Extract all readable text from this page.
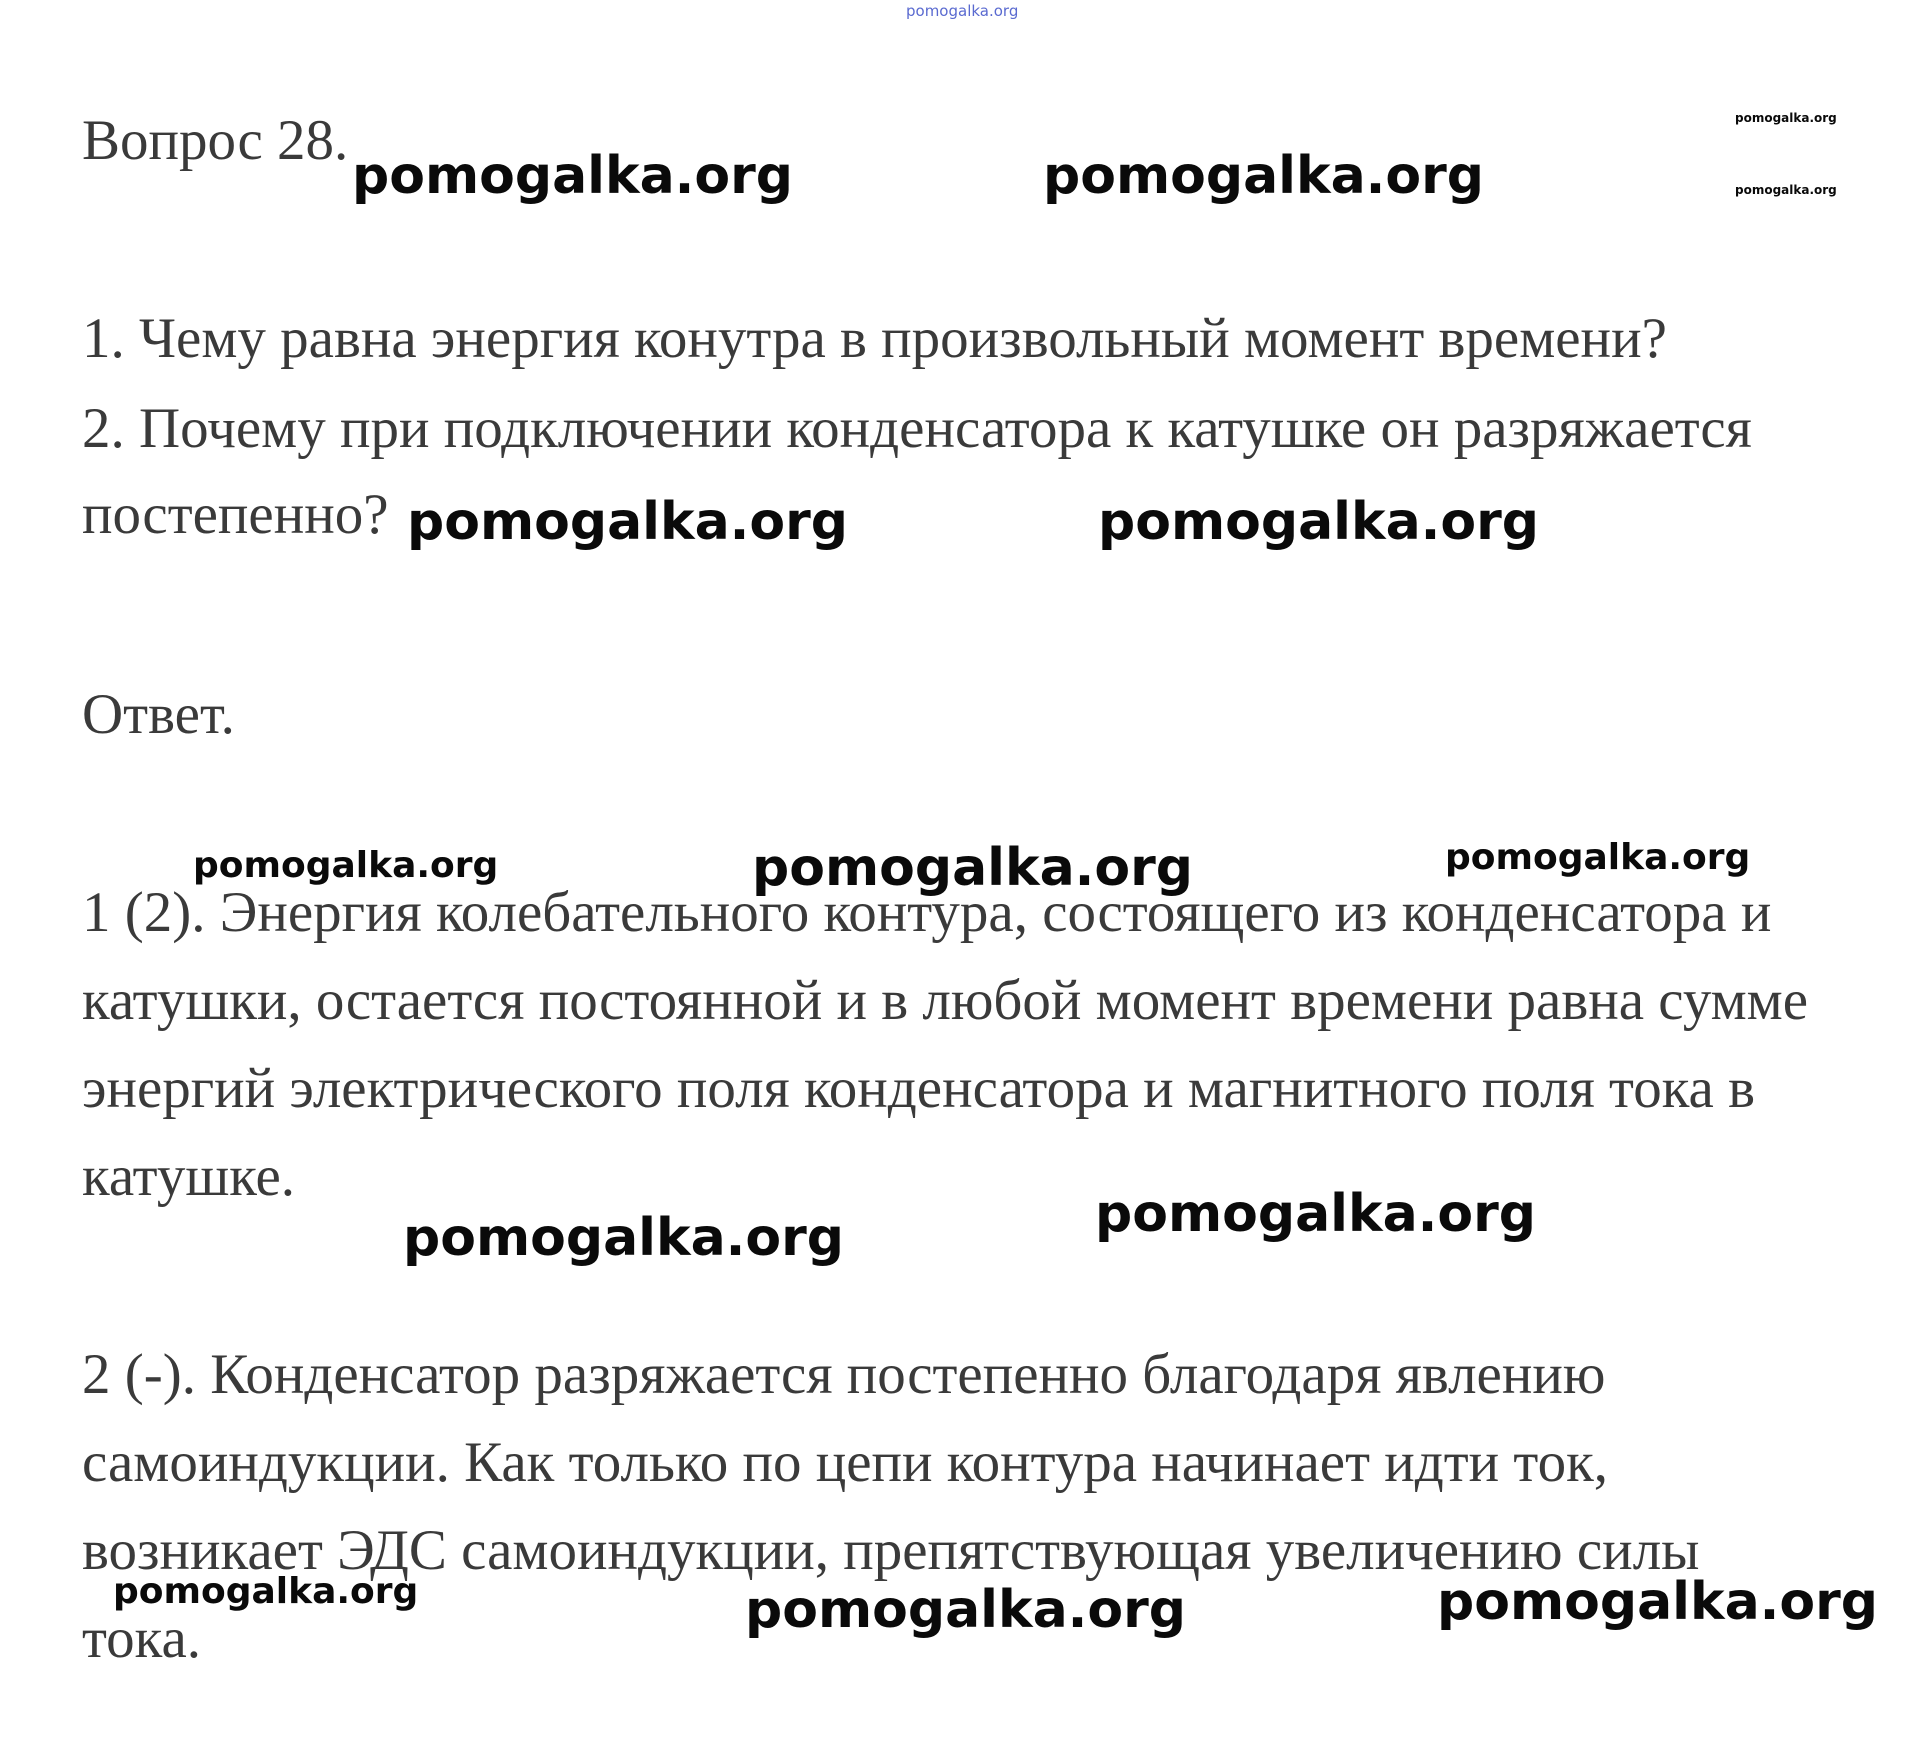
pomogalka.org
Вопрос 28.
1. Чему равна энергия конутра в произвольный момент времени?
2. Почему при подключении конденсатора к катушке он разряжается
постепенно?
Ответ.
1 (2). Энергия колебательного контура, состоящего из конденсатора и
катушки, остается постоянной и в любой момент времени равна сумме
энергий электрического поля конденсатора и магнитного поля тока в
катушке.
2 (-). Конденсатор разряжается постепенно благодаря явлению
самоиндукции. Как только по цепи контура начинает идти ток,
возникает ЭДС самоиндукции, препятствующая увеличению силы
тока.
pomogalka.org	pomogalka.org
pomogalka.org
pomogalka.org
pomogalka.org	pomogalka.org
pomogalka.org	pomogalka.org	pomogalka.org
pomogalka.org	pomogalka.org
pomogalka.org	pomogalka.org	pomogalka.org
